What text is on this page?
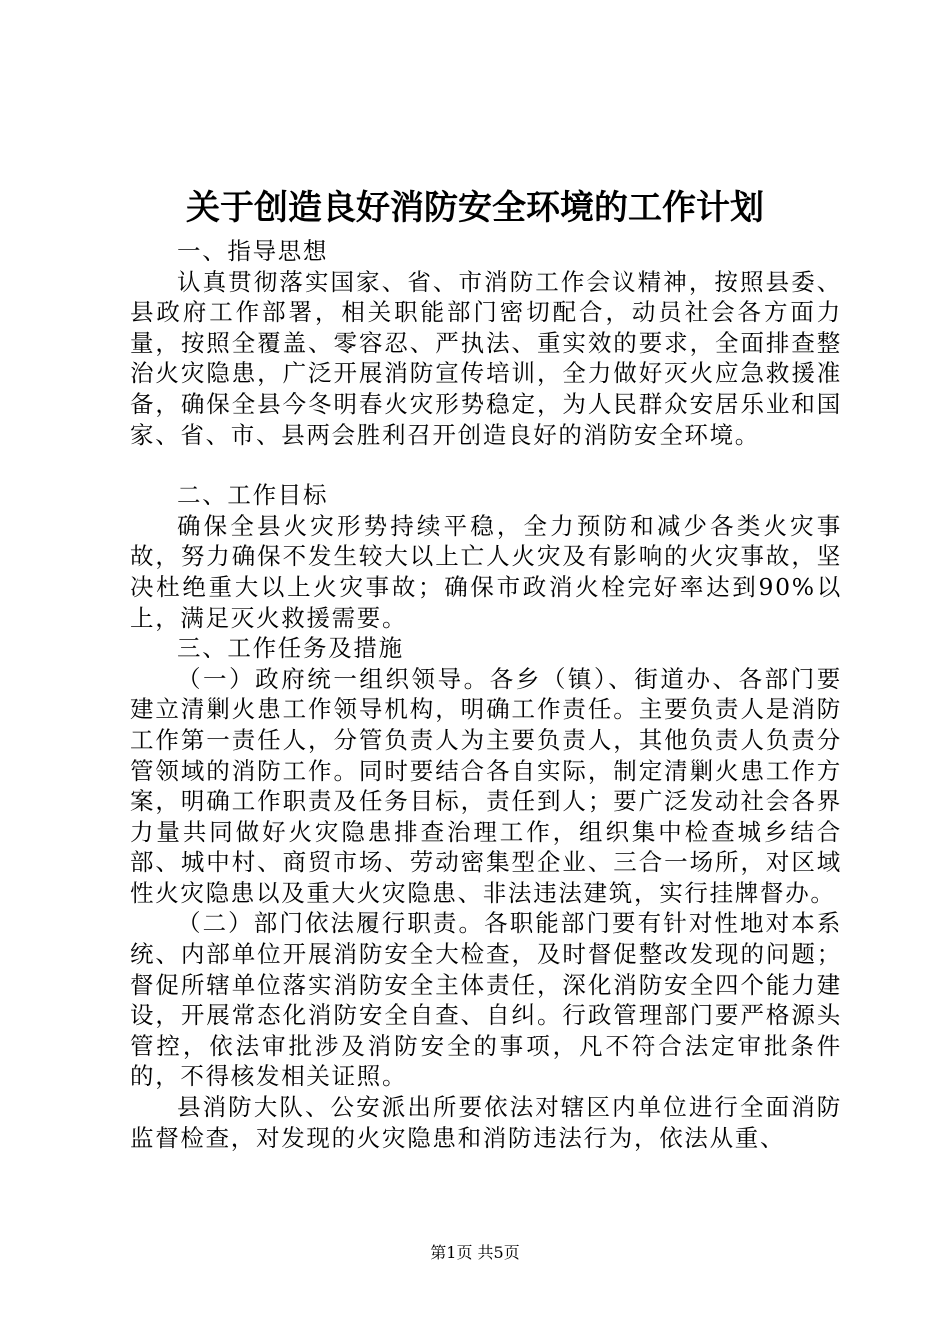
关于创造良好消防安全环境的工作计划

一、指导思想

认真贯彻落实国家、省、市消防工作会议精神，按照县委、县政府工作部署，相关职能部门密切配合，动员社会各方面力量，按照全覆盖、零容忍、严执法、重实效的要求，全面排查整治火灾隐患，广泛开展消防宣传培训，全力做好灭火应急救援准备，确保全县今冬明春火灾形势稳定，为人民群众安居乐业和国家、省、市、县两会胜利召开创造良好的消防安全环境。

二、工作目标

确保全县火灾形势持续平稳，全力预防和减少各类火灾事故，努力确保不发生较大以上亡人火灾及有影响的火灾事故，坚决杜绝重大以上火灾事故；确保市政消火栓完好率达到90%以上，满足灭火救援需要。

三、工作任务及措施

（一）政府统一组织领导。各乡（镇）、街道办、各部门要建立清剿火患工作领导机构，明确工作责任。主要负责人是消防工作第一责任人，分管负责人为主要负责人，其他负责人负责分管领域的消防工作。同时要结合各自实际，制定清剿火患工作方案，明确工作职责及任务目标，责任到人；要广泛发动社会各界力量共同做好火灾隐患排查治理工作，组织集中检查城乡结合部、城中村、商贸市场、劳动密集型企业、三合一场所，对区域性火灾隐患以及重大火灾隐患、非法违法建筑，实行挂牌督办。

（二）部门依法履行职责。各职能部门要有针对性地对本系统、内部单位开展消防安全大检查，及时督促整改发现的问题；督促所辖单位落实消防安全主体责任，深化消防安全四个能力建设，开展常态化消防安全自查、自纠。行政管理部门要严格源头管控，依法审批涉及消防安全的事项，凡不符合法定审批条件的，不得核发相关证照。

县消防大队、公安派出所要依法对辖区内单位进行全面消防监督检查，对发现的火灾隐患和消防违法行为，依法从重、

第1页 共5页
